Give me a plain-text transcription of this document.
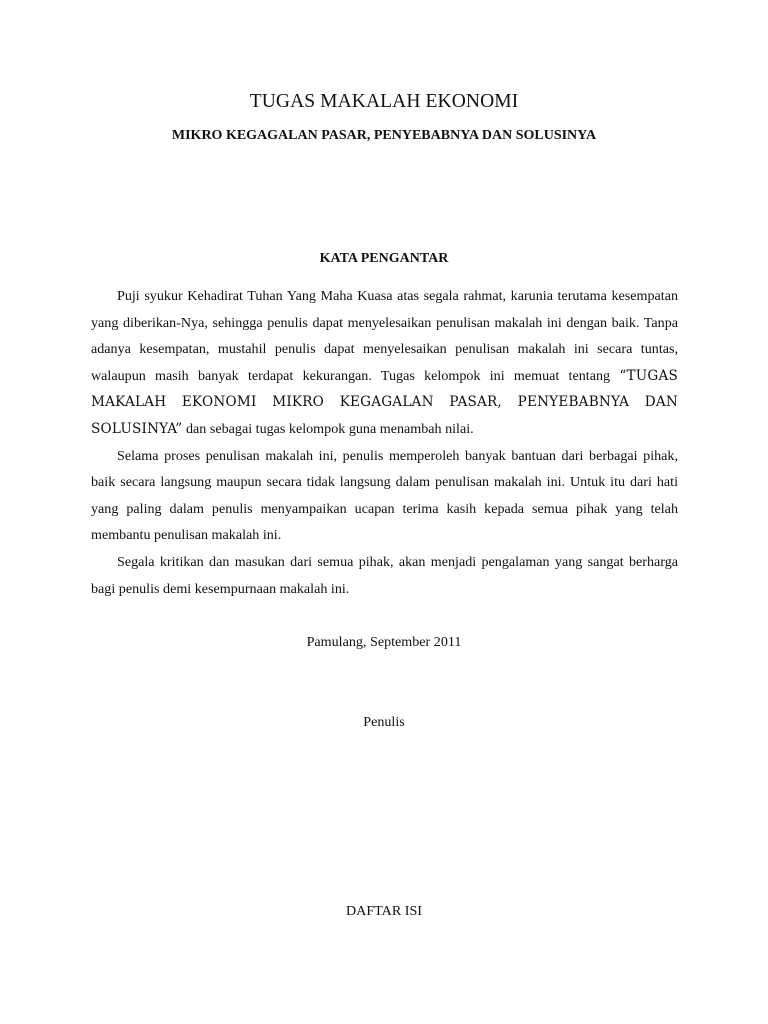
TUGAS MAKALAH EKONOMI
MIKRO KEGAGALAN PASAR, PENYEBABNYA DAN SOLUSINYA
KATA PENGANTAR

Puji syukur Kehadirat Tuhan Yang Maha Kuasa atas segala rahmat, karunia terutama kesempatan yang diberikan-Nya, sehingga penulis dapat menyelesaikan penulisan makalah ini dengan baik. Tanpa adanya kesempatan, mustahil penulis dapat menyelesaikan penulisan makalah ini secara tuntas, walaupun masih banyak terdapat kekurangan. Tugas kelompok ini memuat tentang “TUGAS MAKALAH EKONOMI MIKRO KEGAGALAN PASAR, PENYEBABNYA DAN SOLUSINYA” dan sebagai tugas kelompok guna menambah nilai.

Selama proses penulisan makalah ini, penulis memperoleh banyak bantuan dari berbagai pihak, baik secara langsung maupun secara tidak langsung dalam penulisan makalah ini. Untuk itu dari hati yang paling dalam penulis menyampaikan ucapan terima kasih kepada semua pihak yang telah membantu penulisan makalah ini.

Segala kritikan dan masukan dari semua pihak, akan menjadi pengalaman yang sangat berharga bagi penulis demi kesempurnaan makalah ini.

Pamulang, September 2011
Penulis
DAFTAR ISI
